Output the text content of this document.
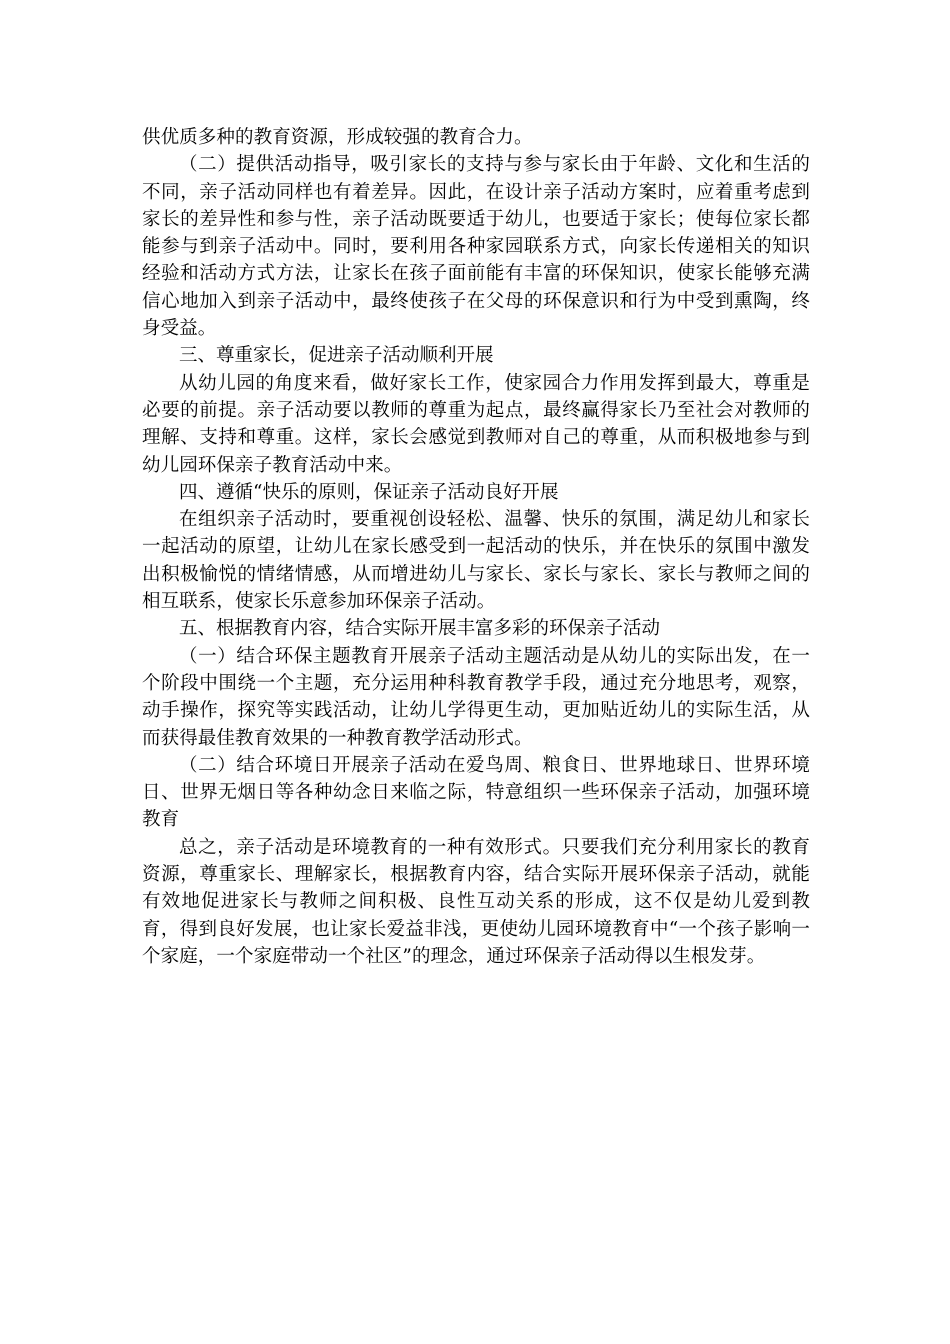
供优质多种的教育资源，形成较强的教育合力。

（二）提供活动指导，吸引家长的支持与参与家长由于年龄、文化和生活的不同，亲子活动同样也有着差异。因此，在设计亲子活动方案时，应着重考虑到家长的差异性和参与性，亲子活动既要适于幼儿，也要适于家长；使每位家长都能参与到亲子活动中。同时，要利用各种家园联系方式，向家长传递相关的知识经验和活动方式方法，让家长在孩子面前能有丰富的环保知识，使家长能够充满信心地加入到亲子活动中，最终使孩子在父母的环保意识和行为中受到熏陶，终身受益。

三、尊重家长，促进亲子活动顺利开展

从幼儿园的角度来看，做好家长工作，使家园合力作用发挥到最大，尊重是必要的前提。亲子活动要以教师的尊重为起点，最终赢得家长乃至社会对教师的理解、支持和尊重。这样，家长会感觉到教师对自己的尊重，从而积极地参与到幼儿园环保亲子教育活动中来。

四、遵循“快乐的原则，保证亲子活动良好开展

在组织亲子活动时，要重视创设轻松、温馨、快乐的氛围，满足幼儿和家长一起活动的原望，让幼儿在家长感受到一起活动的快乐，并在快乐的氛围中激发出积极愉悦的情绪情感，从而增进幼儿与家长、家长与家长、家长与教师之间的相互联系，使家长乐意参加环保亲子活动。

五、根据教育内容，结合实际开展丰富多彩的环保亲子活动

（一）结合环保主题教育开展亲子活动主题活动是从幼儿的实际出发，在一个阶段中围绕一个主题，充分运用种科教育教学手段，通过充分地思考，观察，动手操作，探究等实践活动，让幼儿学得更生动，更加贴近幼儿的实际生活，从而获得最佳教育效果的一种教育教学活动形式。

（二）结合环境日开展亲子活动在爱鸟周、粮食日、世界地球日、世界环境日、世界无烟日等各种幼念日来临之际，特意组织一些环保亲子活动，加强环境教育

总之，亲子活动是环境教育的一种有效形式。只要我们充分利用家长的教育资源，尊重家长、理解家长，根据教育内容，结合实际开展环保亲子活动，就能有效地促进家长与教师之间积极、良性互动关系的形成，这不仅是幼儿爱到教育，得到良好发展，也让家长爱益非浅，更使幼儿园环境教育中“一个孩子影响一个家庭，一个家庭带动一个社区”的理念，通过环保亲子活动得以生根发芽。
